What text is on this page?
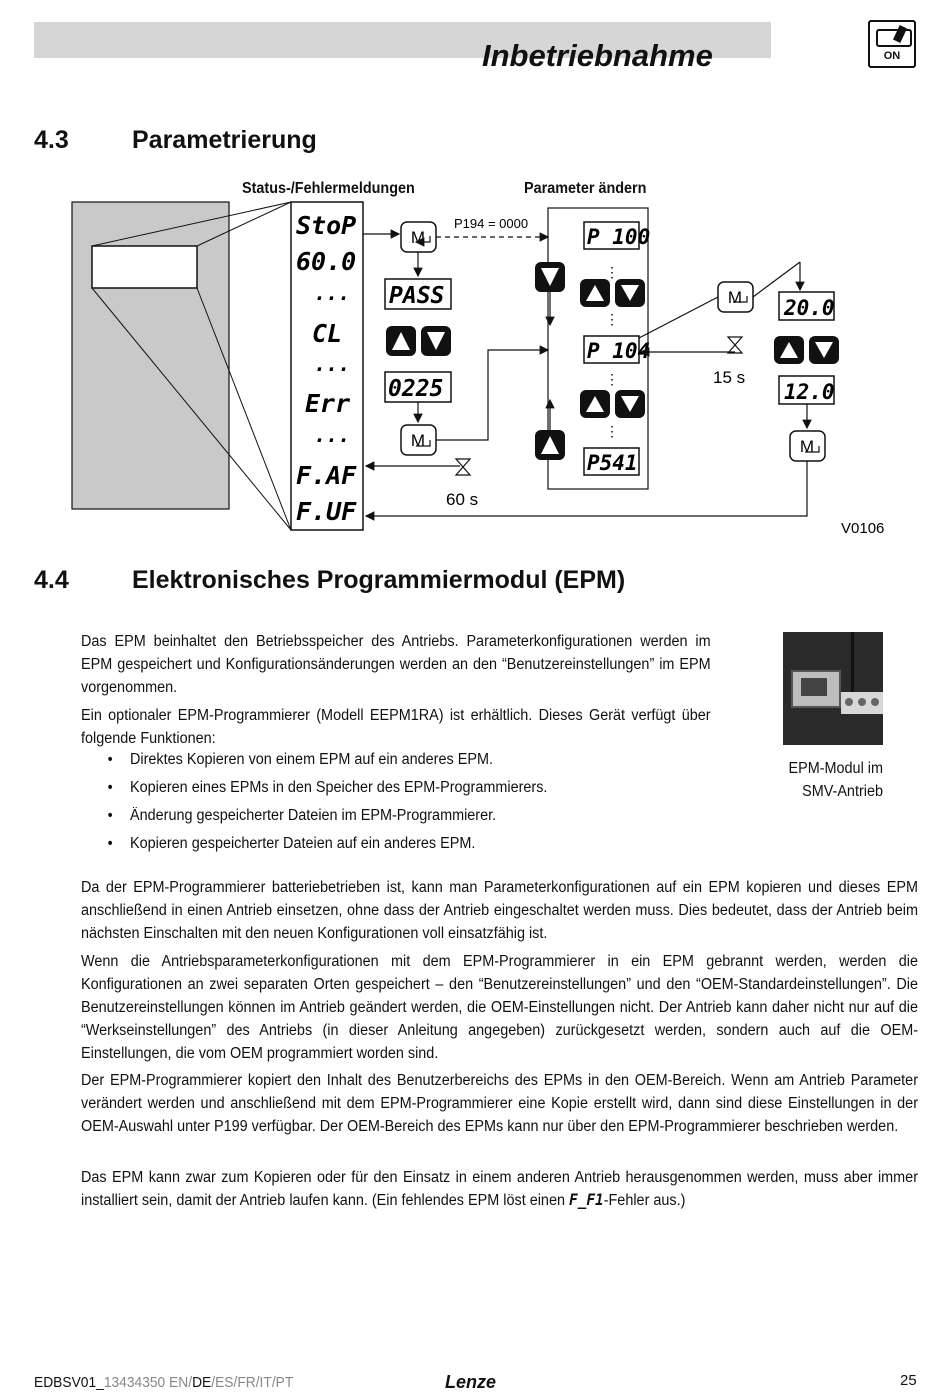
Inbetriebnahme	ON
4.3	Parametrierung
Status-/Fehlermeldungen	Parameter ändern
StoP
60.0
...
CL
...
Err
...
F.AF
F.UF
M
PASS
0225
M
60 s
P194 = 0000
P 100
⋮
⋮
P 104
⋮
⋮
P541
M
15 s
20.0
12.0
M
V0106
4.4	Elektronisches Programmiermodul (EPM)

Das EPM beinhaltet den Betriebsspeicher des Antriebs. Parameterkonfigurationen werden im EPM gespeichert und Konfigurationsänderungen werden an den “Benutzereinstellungen” im EPM vorgenommen.

Ein optionaler EPM-Programmierer (Modell EEPM1RA) ist erhältlich. Dieses Gerät verfügt über folgende Funktionen:

• Direktes Kopieren von einem EPM auf ein anderes EPM.

• Kopieren eines EPMs in den Speicher des EPM-Programmierers.

• Änderung gespeicherter Dateien im EPM-Programmierer.

• Kopieren gespeicherter Dateien auf ein anderes EPM.

EPM-Modul im SMV-Antrieb

Da der EPM-Programmierer batteriebetrieben ist, kann man Parameterkonfigurationen auf ein EPM kopieren und dieses EPM anschließend in einen Antrieb einsetzen, ohne dass der Antrieb eingeschaltet werden muss. Dies bedeutet, dass der Antrieb beim nächsten Einschalten mit den neuen Konfigurationen voll einsatzfähig ist.

Wenn die Antriebsparameterkonfigurationen mit dem EPM-Programmierer in ein EPM gebrannt werden, werden die Konfigurationen an zwei separaten Orten gespeichert – den “Benutzereinstellungen” und den “OEM-Standardeinstellungen”. Die Benutzereinstellungen können im Antrieb geändert werden, die OEM-Einstellungen nicht. Der Antrieb kann daher nicht nur auf die “Werkseinstellungen” des Antriebs (in dieser Anleitung angegeben) zurückgesetzt werden, sondern auch auf die OEM-Einstellungen, die vom OEM programmiert worden sind.

Der EPM-Programmierer kopiert den Inhalt des Benutzerbereichs des EPMs in den OEM-Bereich. Wenn am Antrieb Parameter verändert werden und anschließend mit dem EPM-Programmierer eine Kopie erstellt wird, dann sind diese Einstellungen in der OEM-Auswahl unter P199 verfügbar. Der OEM-Bereich des EPMs kann nur über den EPM-Programmierer beschrieben werden.

Das EPM kann zwar zum Kopieren oder für den Einsatz in einem anderen Antrieb herausgenommen werden, muss aber immer installiert sein, damit der Antrieb laufen kann. (Ein fehlendes EPM löst einen F_F1-Fehler aus.)

EDBSV01_13434350 EN/DE/ES/FR/IT/PT	Lenze	25
